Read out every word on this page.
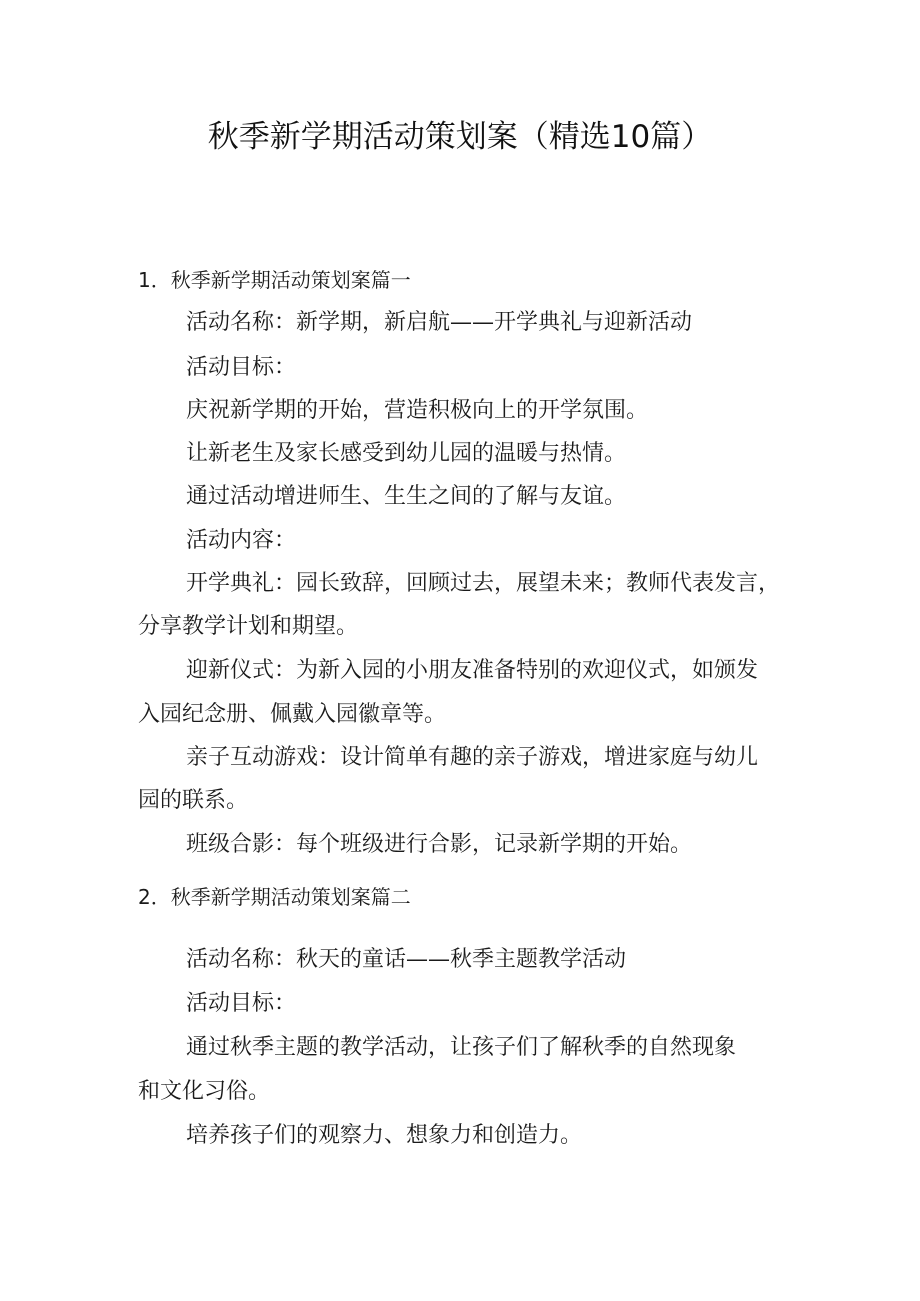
秋季新学期活动策划案（精选10篇）

1．秋季新学期活动策划案篇一

活动名称：新学期，新启航——开学典礼与迎新活动

活动目标：

庆祝新学期的开始，营造积极向上的开学氛围。

让新老生及家长感受到幼儿园的温暖与热情。

通过活动增进师生、生生之间的了解与友谊。

活动内容：

开学典礼：园长致辞，回顾过去，展望未来；教师代表发言，

分享教学计划和期望。

迎新仪式：为新入园的小朋友准备特别的欢迎仪式，如颁发

入园纪念册、佩戴入园徽章等。

亲子互动游戏：设计简单有趣的亲子游戏，增进家庭与幼儿

园的联系。

班级合影：每个班级进行合影，记录新学期的开始。

2．秋季新学期活动策划案篇二

活动名称：秋天的童话——秋季主题教学活动

活动目标：

通过秋季主题的教学活动，让孩子们了解秋季的自然现象

和文化习俗。

培养孩子们的观察力、想象力和创造力。
